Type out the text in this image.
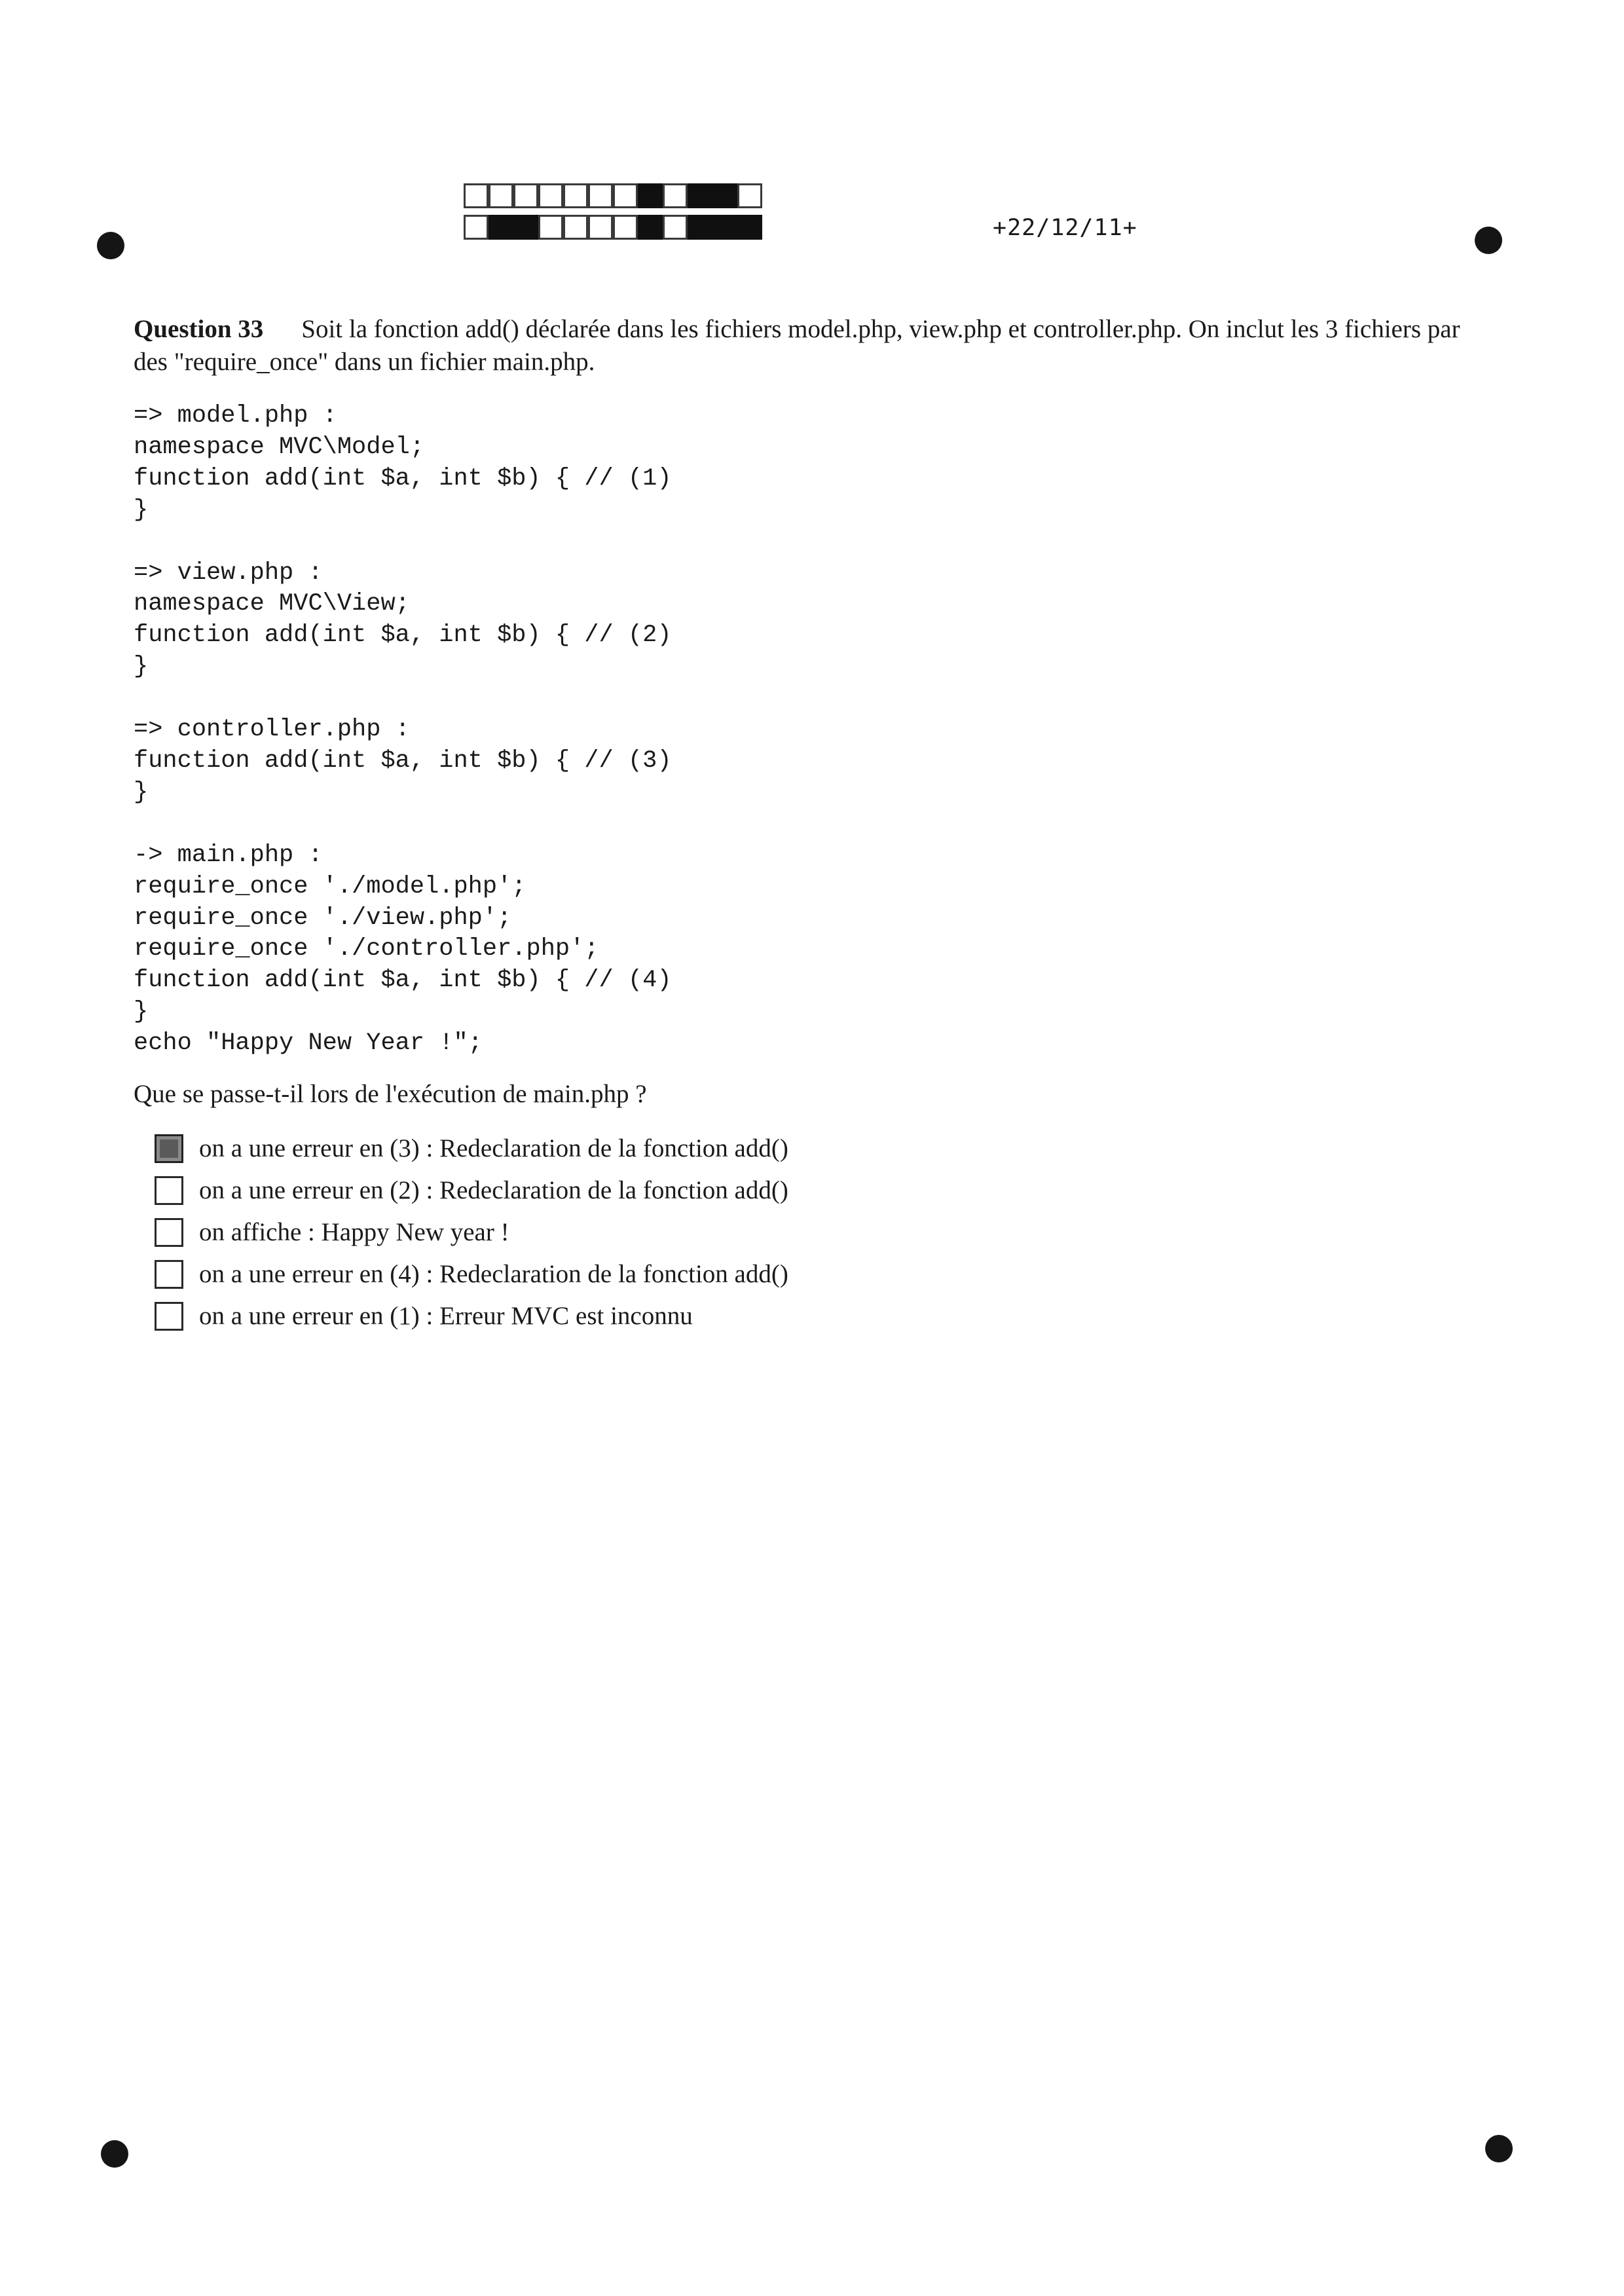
+22/12/11+
Question 33 Soit la fonction add() déclarée dans les fichiers model.php, view.php et controller.php. On inclut les 3 fichiers par des "require_once" dans un fichier main.php.
=> model.php :
namespace MVC\Model;
function add(int $a, int $b) { // (1)
}

=> view.php :
namespace MVC\View;
function add(int $a, int $b) { // (2)
}

=> controller.php :
function add(int $a, int $b) { // (3)
}

-> main.php :
require_once './model.php';
require_once './view.php';
require_once './controller.php';
function add(int $a, int $b) { // (4)
}
echo "Happy New Year !";
Que se passe-t-il lors de l'exécution de main.php ?
on a une erreur en (3) : Redeclaration de la fonction add()
on a une erreur en (2) : Redeclaration de la fonction add()
on affiche : Happy New year !
on a une erreur en (4) : Redeclaration de la fonction add()
on a une erreur en (1) : Erreur MVC est inconnu
